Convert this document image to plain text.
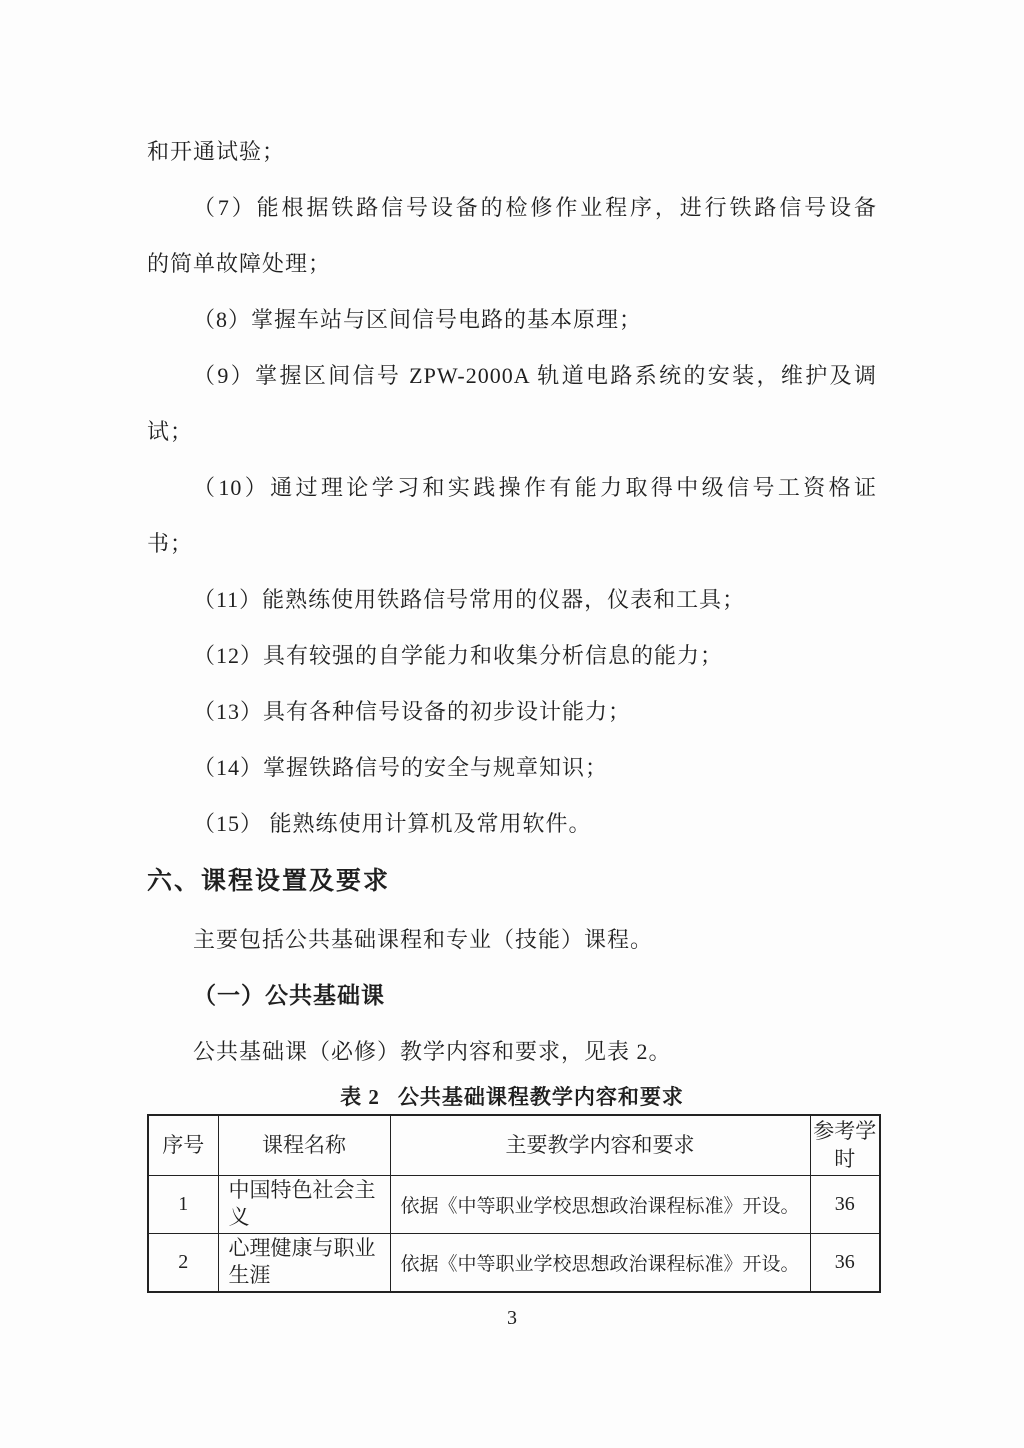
和开通试验；
（7）能根据铁路信号设备的检修作业程序，进行铁路信号设备
的简单故障处理；
（8）掌握车站与区间信号电路的基本原理；
（9）掌握区间信号 ZPW-2000A 轨道电路系统的安装，维护及调
试；
（10）通过理论学习和实践操作有能力取得中级信号工资格证
书；
（11）能熟练使用铁路信号常用的仪器，仪表和工具；
（12）具有较强的自学能力和收集分析信息的能力；
（13）具有各种信号设备的初步设计能力；
（14）掌握铁路信号的安全与规章知识；
（15） 能熟练使用计算机及常用软件。
六、课程设置及要求
主要包括公共基础课程和专业（技能）课程。
（一）公共基础课
公共基础课（必修）教学内容和要求，见表 2。
表 2 公共基础课程教学内容和要求
序号	课程名称	主要教学内容和要求	参考学时
1	中国特色社会主义	依据《中等职业学校思想政治课程标准》开设。	36
2	心理健康与职业生涯	依据《中等职业学校思想政治课程标准》开设。	36
3
